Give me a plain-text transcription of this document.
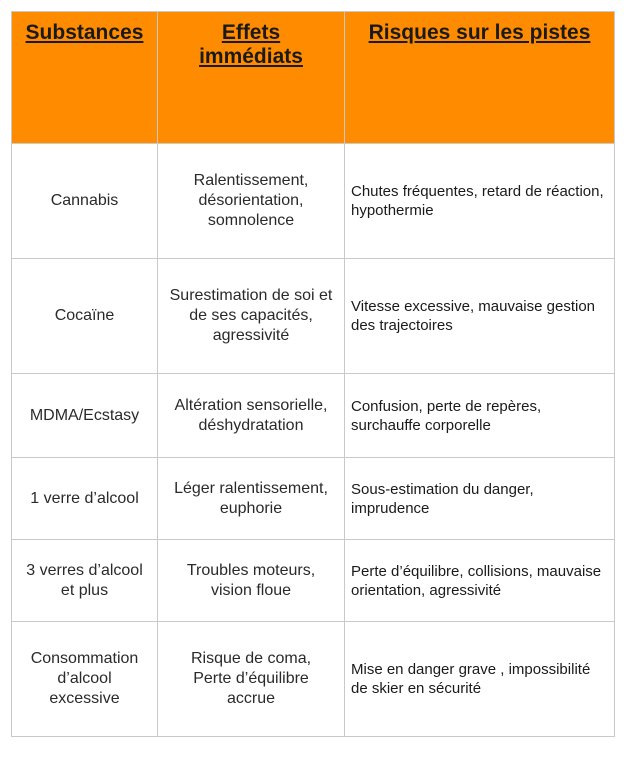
Substances	Effets immédiats	Risques sur les pistes
Cannabis	Ralentissement, désorientation, somnolence	Chutes fréquentes, retard de réaction, hypothermie
Cocaïne	Surestimation de soi et de ses capacités, agressivité	Vitesse excessive, mauvaise gestion des trajectoires
MDMA/Ecstasy	Altération sensorielle, déshydratation	Confusion, perte de repères, surchauffe corporelle
1 verre d’alcool	Léger ralentissement, euphorie	Sous-estimation du danger, imprudence
3 verres d’alcool et plus	Troubles moteurs, vision floue	Perte d’équilibre, collisions, mauvaise orientation, agressivité
Consommation d’alcool excessive	Risque de coma, Perte d’équilibre accrue	Mise en danger grave , impossibilité de skier en sécurité
